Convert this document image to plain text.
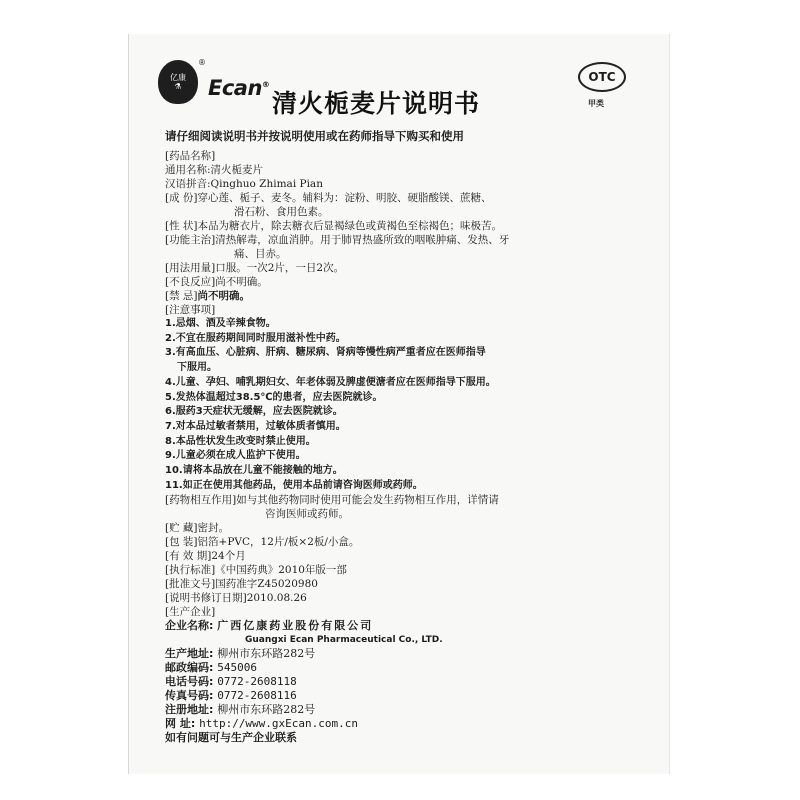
亿康
⚗
®
Ecan®
清火栀麦片说明书
OTC
甲类
请仔细阅读说明书并按说明使用或在药师指导下购买和使用
[药品名称]
通用名称:清火栀麦片
汉语拼音:Qinghuo Zhimai Pian
[成 份]穿心莲、栀子、麦冬。辅料为：淀粉、明胶、硬脂酸镁、蔗糖、
滑石粉、食用色素。
[性 状]本品为糖衣片，除去糖衣后显褐绿色或黄褐色至棕褐色；味极苦。
[功能主治]清热解毒，凉血消肿。用于肺胃热盛所致的咽喉肿痛、发热、牙
痛、目赤。
[用法用量]口服。一次2片，一日2次。
[不良反应]尚不明确。
[禁 忌]尚不明确。
[注意事项]
1.忌烟、酒及辛辣食物。
2.不宜在服药期间同时服用滋补性中药。
3.有高血压、心脏病、肝病、糖尿病、肾病等慢性病严重者应在医师指导
下服用。
4.儿童、孕妇、哺乳期妇女、年老体弱及脾虚便溏者应在医师指导下服用。
5.发热体温超过38.5℃的患者，应去医院就诊。
6.服药3天症状无缓解，应去医院就诊。
7.对本品过敏者禁用，过敏体质者慎用。
8.本品性状发生改变时禁止使用。
9.儿童必须在成人监护下使用。
10.请将本品放在儿童不能接触的地方。
11.如正在使用其他药品，使用本品前请咨询医师或药师。
[药物相互作用]如与其他药物同时使用可能会发生药物相互作用，详情请
咨询医师或药师。
[贮 藏]密封。
[包 装]铝箔+PVC，12片/板×2板/小盒。
[有 效 期]24个月
[执行标准]《中国药典》2010年版一部
[批准文号]国药准字Z45020980
[说明书修订日期]2010.08.26
[生产企业]
企业名称: 广西亿康药业股份有限公司
Guangxi Ecan Pharmaceutical Co., LTD.
生产地址: 柳州市东环路282号
邮政编码: 545006
电话号码: 0772-2608118
传真号码: 0772-2608116
注册地址: 柳州市东环路282号
网 址: http://www.gxEcan.com.cn
如有问题可与生产企业联系
